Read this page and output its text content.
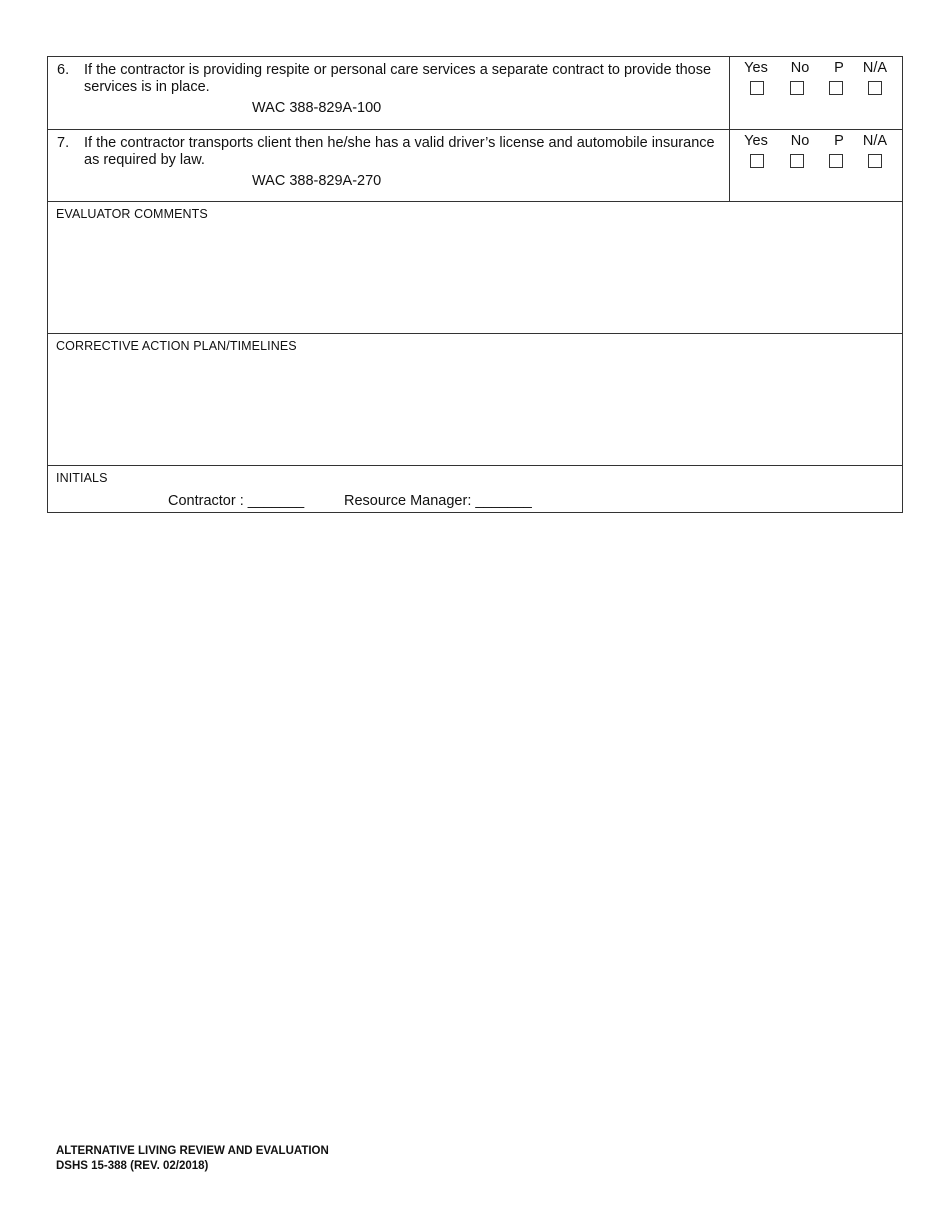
6. If the contractor is providing respite or personal care services a separate contract to provide those services is in place.
WAC 388-829A-100
Yes	No	P	N/A
7. If the contractor transports client then he/she has a valid driver’s license and automobile insurance as required by law.
WAC 388-829A-270
Yes	No	P	N/A
EVALUATOR COMMENTS
CORRECTIVE ACTION PLAN/TIMELINES
INITIALS
Contractor : _______	Resource Manager: _______
ALTERNATIVE LIVING REVIEW AND EVALUATION
DSHS 15-388 (REV. 02/2018)
